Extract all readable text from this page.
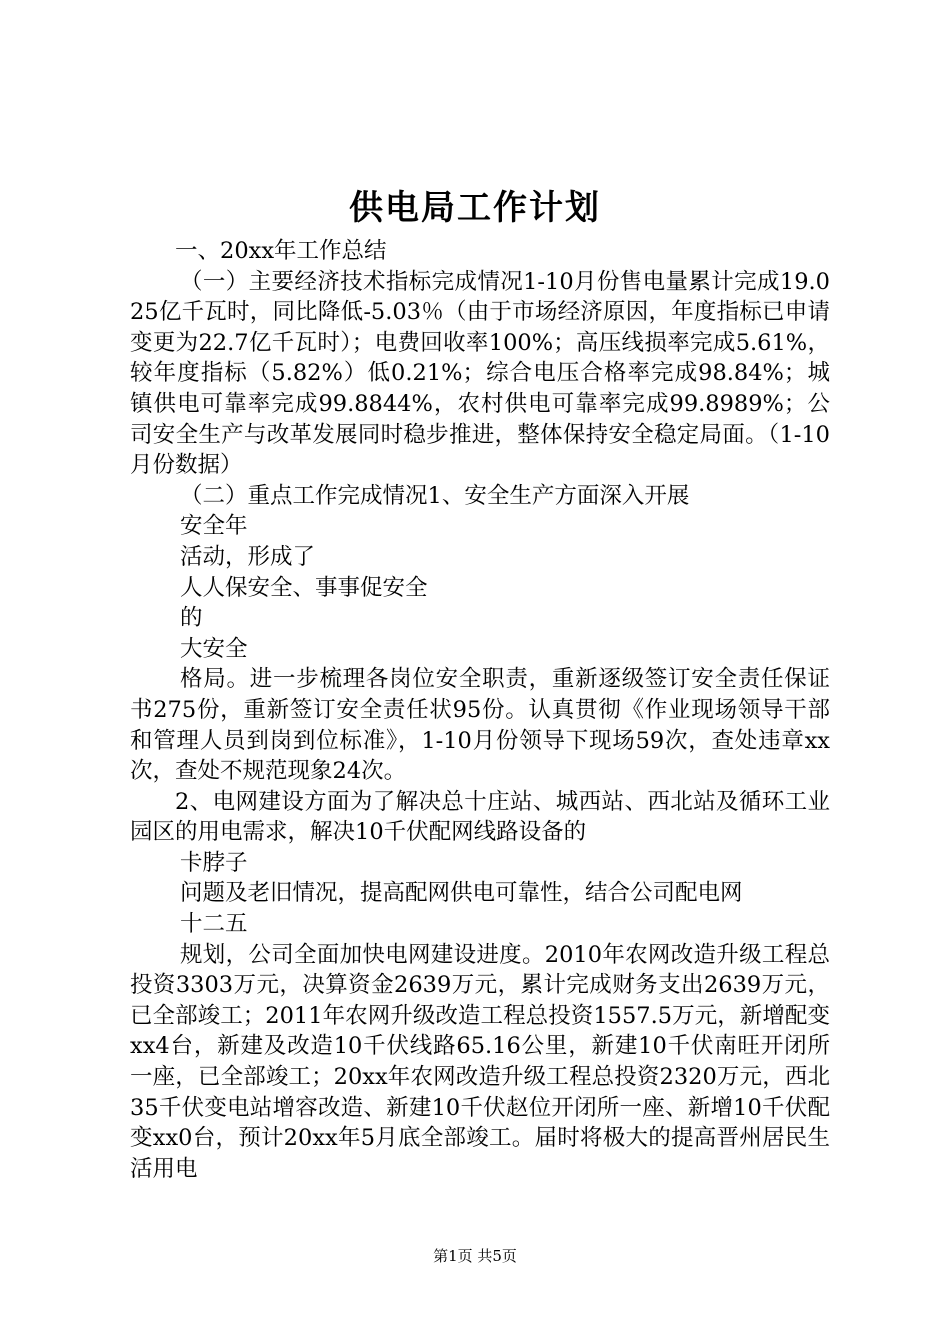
供电局工作计划

一、20xx年工作总结

（一）主要经济技术指标完成情况1-10月份售电量累计完成19.025亿千瓦时，同比降低-5.03％（由于市场经济原因，年度指标已申请变更为22.7亿千瓦时）；电费回收率100%；高压线损率完成5.61%，较年度指标（5.82%）低0.21%；综合电压合格率完成98.84%；城镇供电可靠率完成99.8844%，农村供电可靠率完成99.8989%；公司安全生产与改革发展同时稳步推进，整体保持安全稳定局面。（1-10月份数据）

（二）重点工作完成情况1、安全生产方面深入开展

安全年

活动，形成了

人人保安全、事事促安全

的

大安全

格局。进一步梳理各岗位安全职责，重新逐级签订安全责任保证书275份，重新签订安全责任状95份。认真贯彻《作业现场领导干部和管理人员到岗到位标准》，1-10月份领导下现场59次，查处违章xx次，查处不规范现象24次。

2、电网建设方面为了解决总十庄站、城西站、西北站及循环工业园区的用电需求，解决10千伏配网线路设备的

卡脖子

问题及老旧情况，提高配网供电可靠性，结合公司配电网

十二五

规划，公司全面加快电网建设进度。2010年农网改造升级工程总投资3303万元，决算资金2639万元，累计完成财务支出2639万元，已全部竣工；2011年农网升级改造工程总投资1557.5万元，新增配变xx4台，新建及改造10千伏线路65.16公里，新建10千伏南旺开闭所一座，已全部竣工；20xx年农网改造升级工程总投资2320万元，西北35千伏变电站增容改造、新建10千伏赵位开闭所一座、新增10千伏配变xx0台，预计20xx年5月底全部竣工。届时将极大的提高晋州居民生活用电

第1页 共5页
